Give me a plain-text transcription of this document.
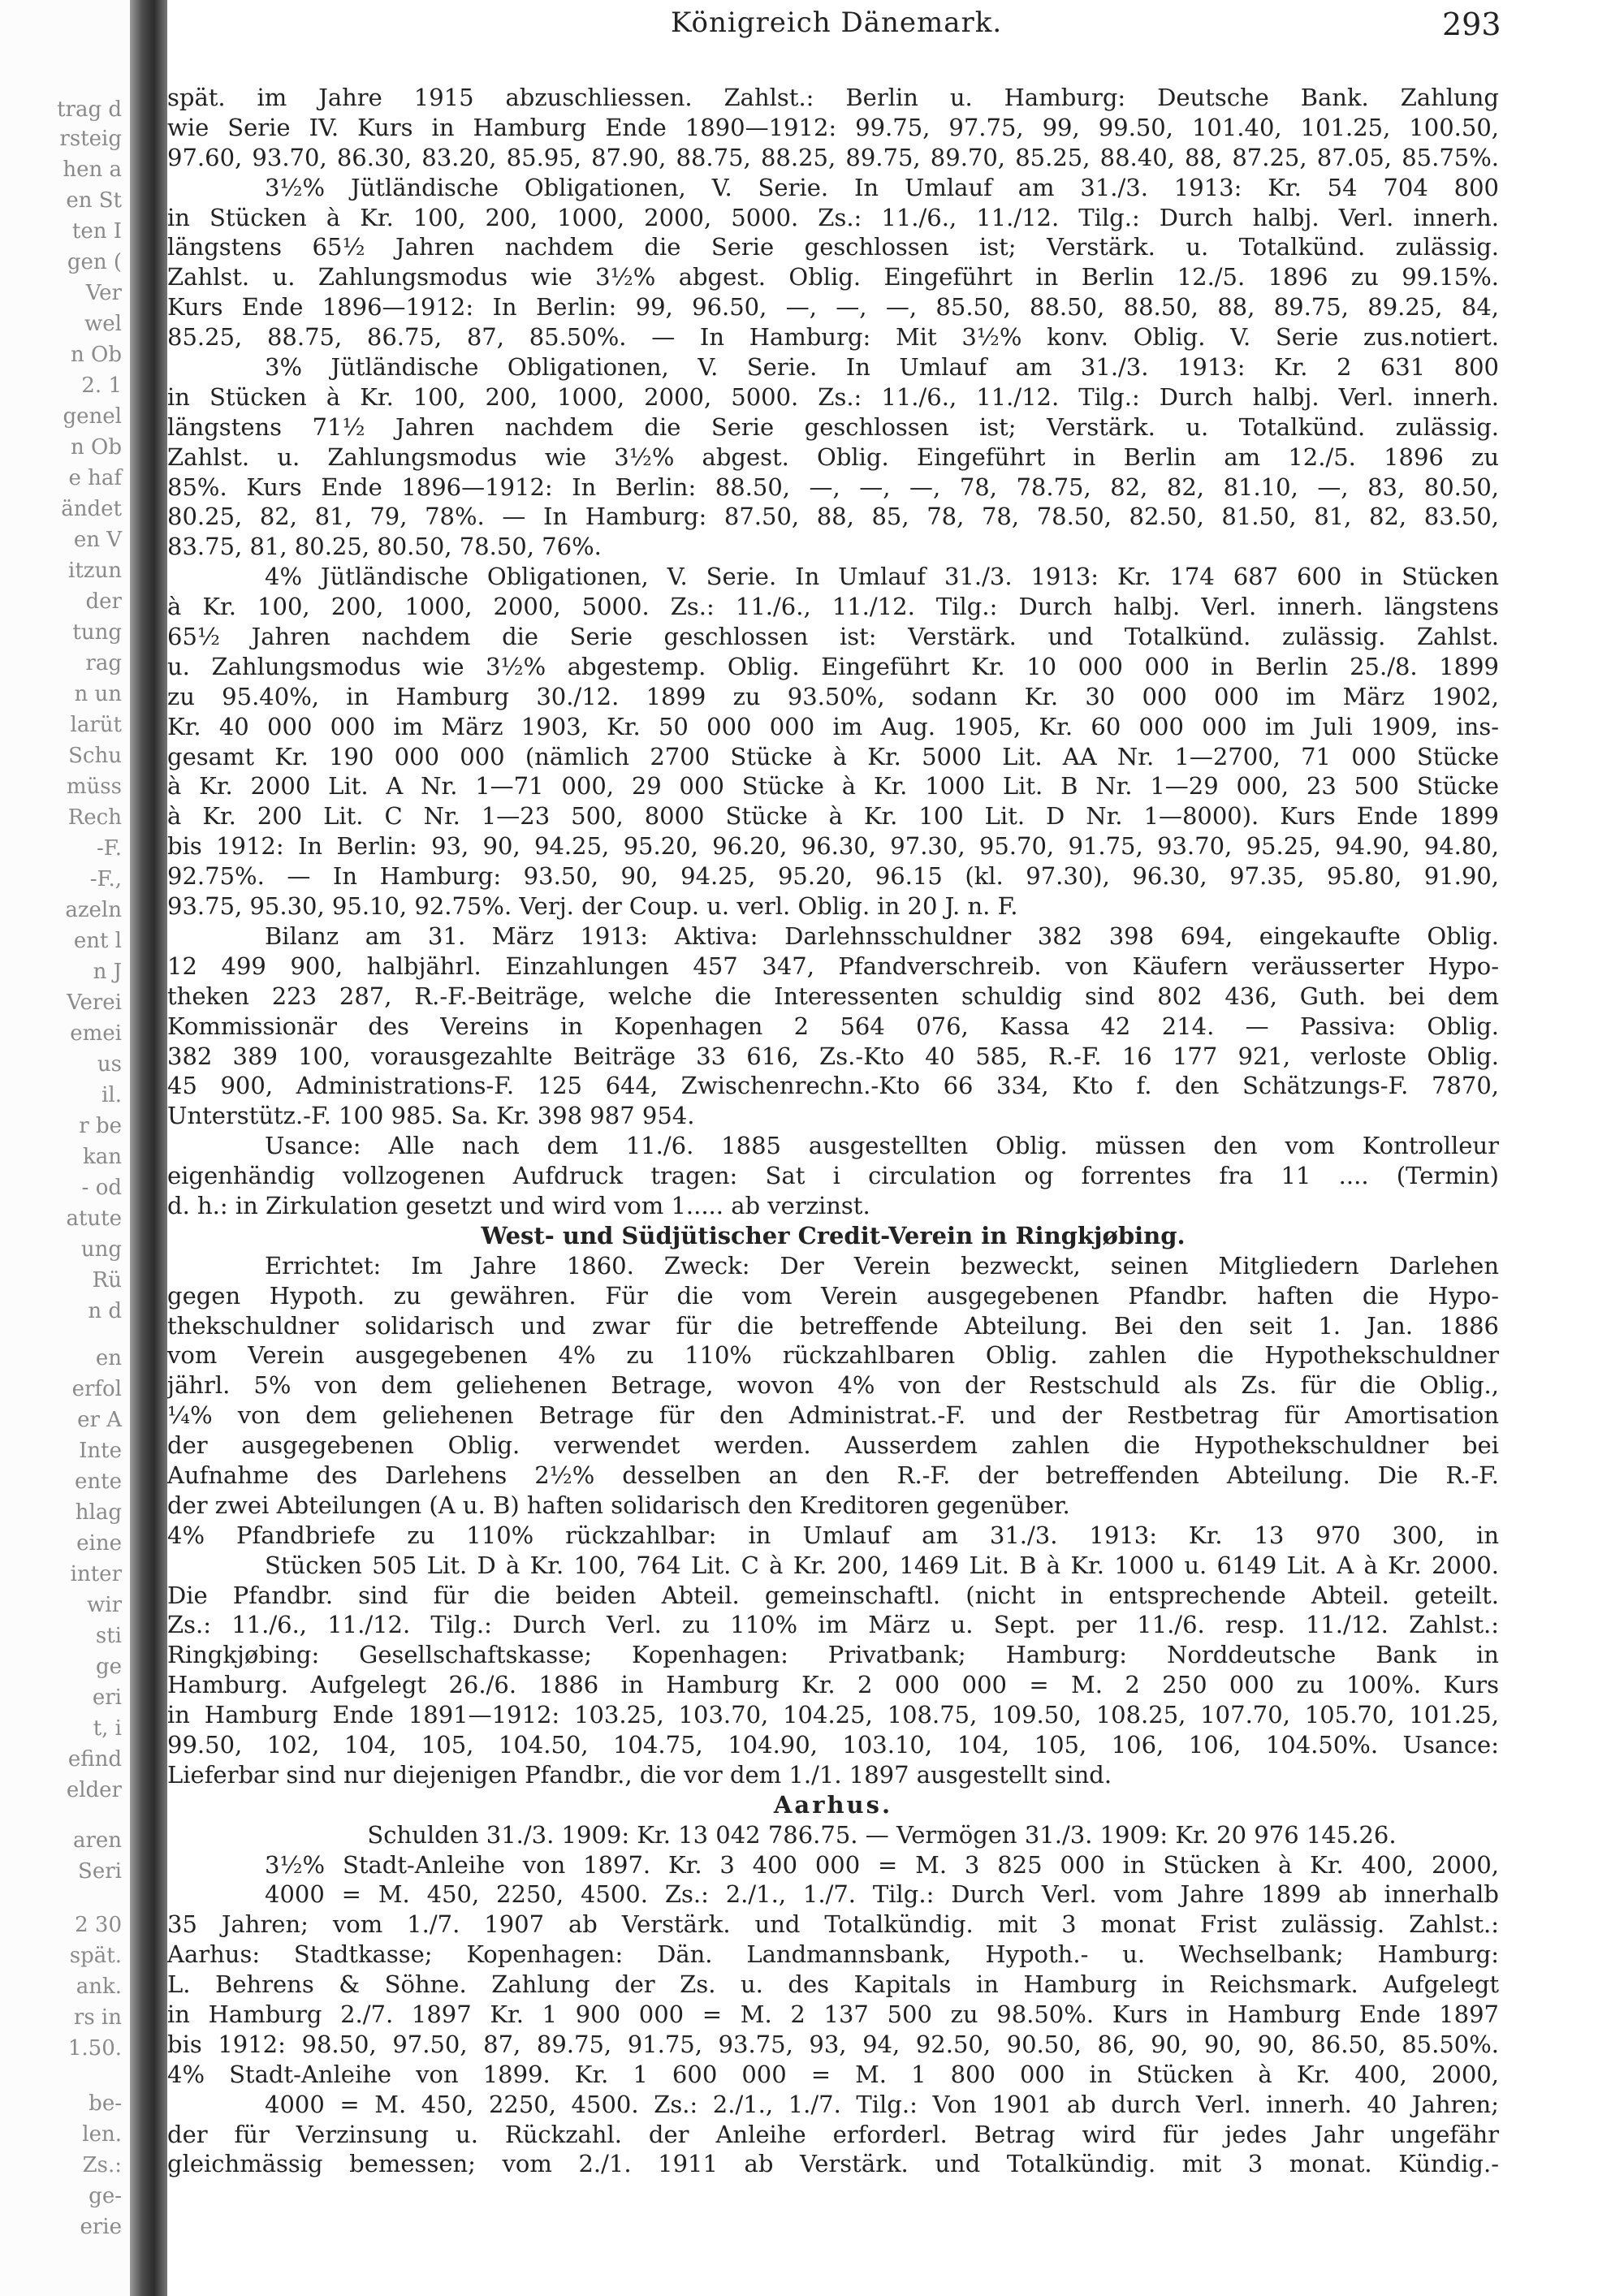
trag d
rsteig
hen a
en St
ten I
gen (
Ver
wel
n Ob
2. 1
genel
n Ob
e haf
ändet
en V
itzun
der
tung
rag
n un
larüt
Schu
müss
Rech
-F.
-F.,
azeln
ent l
n J
Verei
emei
us
il.
r be
kan
- od
atute
ung
Rü
n d
en
erfol
er A
Inte
ente
hlag
eine
inter
wir
sti
ge
eri
t, i
efind
elder
aren
Seri
2 30
spät.
ank.
rs in
1.50.
be-
len.
Zs.:
ge-
erie
Königreich Dänemark.	293
spät. im Jahre 1915 abzuschliessen. Zahlst.: Berlin u. Hamburg: Deutsche Bank. Zahlung
wie Serie IV. Kurs in Hamburg Ende 1890—1912: 99.75, 97.75, 99, 99.50, 101.40, 101.25, 100.50,
97.60, 93.70, 86.30, 83.20, 85.95, 87.90, 88.75, 88.25, 89.75, 89.70, 85.25, 88.40, 88, 87.25, 87.05, 85.75%.
3½% Jütländische Obligationen, V. Serie. In Umlauf am 31./3. 1913: Kr. 54 704 800
in Stücken à Kr. 100, 200, 1000, 2000, 5000. Zs.: 11./6., 11./12. Tilg.: Durch halbj. Verl. innerh.
längstens 65½ Jahren nachdem die Serie geschlossen ist; Verstärk. u. Totalkünd. zulässig.
Zahlst. u. Zahlungsmodus wie 3½% abgest. Oblig. Eingeführt in Berlin 12./5. 1896 zu 99.15%.
Kurs Ende 1896—1912: In Berlin: 99, 96.50, —, —, —, 85.50, 88.50, 88.50, 88, 89.75, 89.25, 84,
85.25, 88.75, 86.75, 87, 85.50%. — In Hamburg: Mit 3½% konv. Oblig. V. Serie zus.notiert.
3% Jütländische Obligationen, V. Serie. In Umlauf am 31./3. 1913: Kr. 2 631 800
in Stücken à Kr. 100, 200, 1000, 2000, 5000. Zs.: 11./6., 11./12. Tilg.: Durch halbj. Verl. innerh.
längstens 71½ Jahren nachdem die Serie geschlossen ist; Verstärk. u. Totalkünd. zulässig.
Zahlst. u. Zahlungsmodus wie 3½% abgest. Oblig. Eingeführt in Berlin am 12./5. 1896 zu
85%. Kurs Ende 1896—1912: In Berlin: 88.50, —, —, —, 78, 78.75, 82, 82, 81.10, —, 83, 80.50,
80.25, 82, 81, 79, 78%. — In Hamburg: 87.50, 88, 85, 78, 78, 78.50, 82.50, 81.50, 81, 82, 83.50,
83.75, 81, 80.25, 80.50, 78.50, 76%.
4% Jütländische Obligationen, V. Serie. In Umlauf 31./3. 1913: Kr. 174 687 600 in Stücken
à Kr. 100, 200, 1000, 2000, 5000. Zs.: 11./6., 11./12. Tilg.: Durch halbj. Verl. innerh. längstens
65½ Jahren nachdem die Serie geschlossen ist: Verstärk. und Totalkünd. zulässig. Zahlst.
u. Zahlungsmodus wie 3½% abgestemp. Oblig. Eingeführt Kr. 10 000 000 in Berlin 25./8. 1899
zu 95.40%, in Hamburg 30./12. 1899 zu 93.50%, sodann Kr. 30 000 000 im März 1902,
Kr. 40 000 000 im März 1903, Kr. 50 000 000 im Aug. 1905, Kr. 60 000 000 im Juli 1909, ins-
gesamt Kr. 190 000 000 (nämlich 2700 Stücke à Kr. 5000 Lit. AA Nr. 1—2700, 71 000 Stücke
à Kr. 2000 Lit. A Nr. 1—71 000, 29 000 Stücke à Kr. 1000 Lit. B Nr. 1—29 000, 23 500 Stücke
à Kr. 200 Lit. C Nr. 1—23 500, 8000 Stücke à Kr. 100 Lit. D Nr. 1—8000). Kurs Ende 1899
bis 1912: In Berlin: 93, 90, 94.25, 95.20, 96.20, 96.30, 97.30, 95.70, 91.75, 93.70, 95.25, 94.90, 94.80,
92.75%. — In Hamburg: 93.50, 90, 94.25, 95.20, 96.15 (kl. 97.30), 96.30, 97.35, 95.80, 91.90,
93.75, 95.30, 95.10, 92.75%. Verj. der Coup. u. verl. Oblig. in 20 J. n. F.
Bilanz am 31. März 1913: Aktiva: Darlehnsschuldner 382 398 694, eingekaufte Oblig.
12 499 900, halbjährl. Einzahlungen 457 347, Pfandverschreib. von Käufern veräusserter Hypo-
theken 223 287, R.-F.-Beiträge, welche die Interessenten schuldig sind 802 436, Guth. bei dem
Kommissionär des Vereins in Kopenhagen 2 564 076, Kassa 42 214. — Passiva: Oblig.
382 389 100, vorausgezahlte Beiträge 33 616, Zs.-Kto 40 585, R.-F. 16 177 921, verloste Oblig.
45 900, Administrations-F. 125 644, Zwischenrechn.-Kto 66 334, Kto f. den Schätzungs-F. 7870,
Unterstütz.-F. 100 985. Sa. Kr. 398 987 954.
Usance: Alle nach dem 11./6. 1885 ausgestellten Oblig. müssen den vom Kontrolleur
eigenhändig vollzogenen Aufdruck tragen: Sat i circulation og forrentes fra 11 .... (Termin)
d. h.: in Zirkulation gesetzt und wird vom 1..... ab verzinst.
West- und Südjütischer Credit-Verein in Ringkjøbing.
Errichtet: Im Jahre 1860. Zweck: Der Verein bezweckt, seinen Mitgliedern Darlehen
gegen Hypoth. zu gewähren. Für die vom Verein ausgegebenen Pfandbr. haften die Hypo-
thekschuldner solidarisch und zwar für die betreffende Abteilung. Bei den seit 1. Jan. 1886
vom Verein ausgegebenen 4% zu 110% rückzahlbaren Oblig. zahlen die Hypothekschuldner
jährl. 5% von dem geliehenen Betrage, wovon 4% von der Restschuld als Zs. für die Oblig.,
¼% von dem geliehenen Betrage für den Administrat.-F. und der Restbetrag für Amortisation
der ausgegebenen Oblig. verwendet werden. Ausserdem zahlen die Hypothekschuldner bei
Aufnahme des Darlehens 2½% desselben an den R.-F. der betreffenden Abteilung. Die R.-F.
der zwei Abteilungen (A u. B) haften solidarisch den Kreditoren gegenüber.
4% Pfandbriefe zu 110% rückzahlbar: in Umlauf am 31./3. 1913: Kr. 13 970 300, in
Stücken 505 Lit. D à Kr. 100, 764 Lit. C à Kr. 200, 1469 Lit. B à Kr. 1000 u. 6149 Lit. A à Kr. 2000.
Die Pfandbr. sind für die beiden Abteil. gemeinschaftl. (nicht in entsprechende Abteil. geteilt.
Zs.: 11./6., 11./12. Tilg.: Durch Verl. zu 110% im März u. Sept. per 11./6. resp. 11./12. Zahlst.:
Ringkjøbing: Gesellschaftskasse; Kopenhagen: Privatbank; Hamburg: Norddeutsche Bank in
Hamburg. Aufgelegt 26./6. 1886 in Hamburg Kr. 2 000 000 = M. 2 250 000 zu 100%. Kurs
in Hamburg Ende 1891—1912: 103.25, 103.70, 104.25, 108.75, 109.50, 108.25, 107.70, 105.70, 101.25,
99.50, 102, 104, 105, 104.50, 104.75, 104.90, 103.10, 104, 105, 106, 106, 104.50%. Usance:
Lieferbar sind nur diejenigen Pfandbr., die vor dem 1./1. 1897 ausgestellt sind.
Aarhus.
Schulden 31./3. 1909: Kr. 13 042 786.75. — Vermögen 31./3. 1909: Kr. 20 976 145.26.
3½% Stadt-Anleihe von 1897. Kr. 3 400 000 = M. 3 825 000 in Stücken à Kr. 400, 2000,
4000 = M. 450, 2250, 4500. Zs.: 2./1., 1./7. Tilg.: Durch Verl. vom Jahre 1899 ab innerhalb
35 Jahren; vom 1./7. 1907 ab Verstärk. und Totalkündig. mit 3 monat Frist zulässig. Zahlst.:
Aarhus: Stadtkasse; Kopenhagen: Dän. Landmannsbank, Hypoth.- u. Wechselbank; Hamburg:
L. Behrens & Söhne. Zahlung der Zs. u. des Kapitals in Hamburg in Reichsmark. Aufgelegt
in Hamburg 2./7. 1897 Kr. 1 900 000 = M. 2 137 500 zu 98.50%. Kurs in Hamburg Ende 1897
bis 1912: 98.50, 97.50, 87, 89.75, 91.75, 93.75, 93, 94, 92.50, 90.50, 86, 90, 90, 90, 86.50, 85.50%.
4% Stadt-Anleihe von 1899. Kr. 1 600 000 = M. 1 800 000 in Stücken à Kr. 400, 2000,
4000 = M. 450, 2250, 4500. Zs.: 2./1., 1./7. Tilg.: Von 1901 ab durch Verl. innerh. 40 Jahren;
der für Verzinsung u. Rückzahl. der Anleihe erforderl. Betrag wird für jedes Jahr ungefähr
gleichmässig bemessen; vom 2./1. 1911 ab Verstärk. und Totalkündig. mit 3 monat. Kündig.-
